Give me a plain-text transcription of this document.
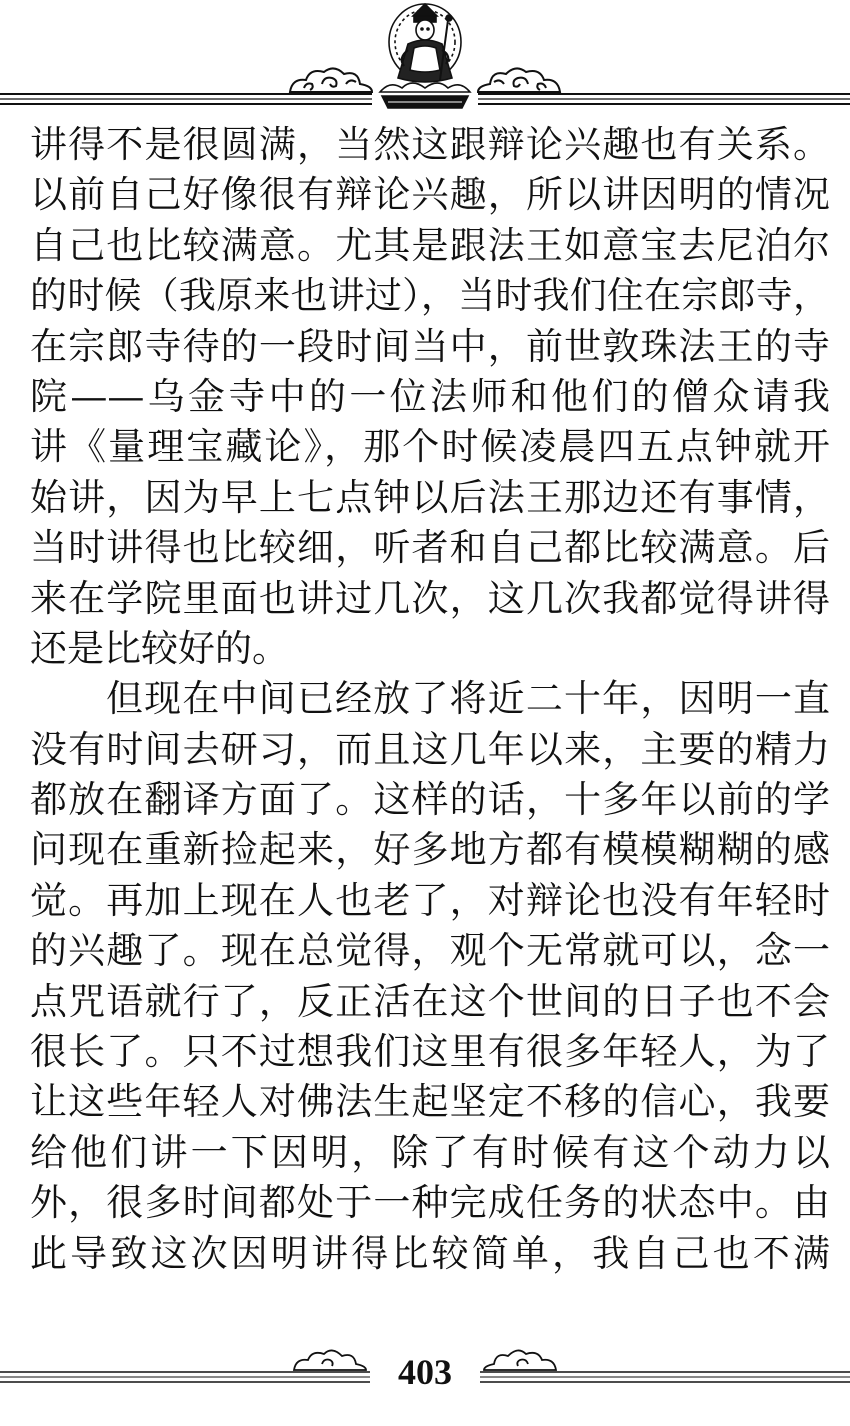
讲得不是很圆满，当然这跟辩论兴趣也有关系。
以前自己好像很有辩论兴趣，所以讲因明的情况
自己也比较满意。尤其是跟法王如意宝去尼泊尔
的时候（我原来也讲过），当时我们住在宗郎寺，
在宗郎寺待的一段时间当中，前世敦珠法王的寺
院——乌金寺中的一位法师和他们的僧众请我
讲《量理宝藏论》，那个时候凌晨四五点钟就开
始讲，因为早上七点钟以后法王那边还有事情，
当时讲得也比较细，听者和自己都比较满意。后
来在学院里面也讲过几次，这几次我都觉得讲得
还是比较好的。
但现在中间已经放了将近二十年，因明一直
没有时间去研习，而且这几年以来，主要的精力
都放在翻译方面了。这样的话，十多年以前的学
问现在重新捡起来，好多地方都有模模糊糊的感
觉。再加上现在人也老了，对辩论也没有年轻时
的兴趣了。现在总觉得，观个无常就可以，念一
点咒语就行了，反正活在这个世间的日子也不会
很长了。只不过想我们这里有很多年轻人，为了
让这些年轻人对佛法生起坚定不移的信心，我要
给他们讲一下因明，除了有时候有这个动力以
外，很多时间都处于一种完成任务的状态中。由
此导致这次因明讲得比较简单，我自己也不满
403
